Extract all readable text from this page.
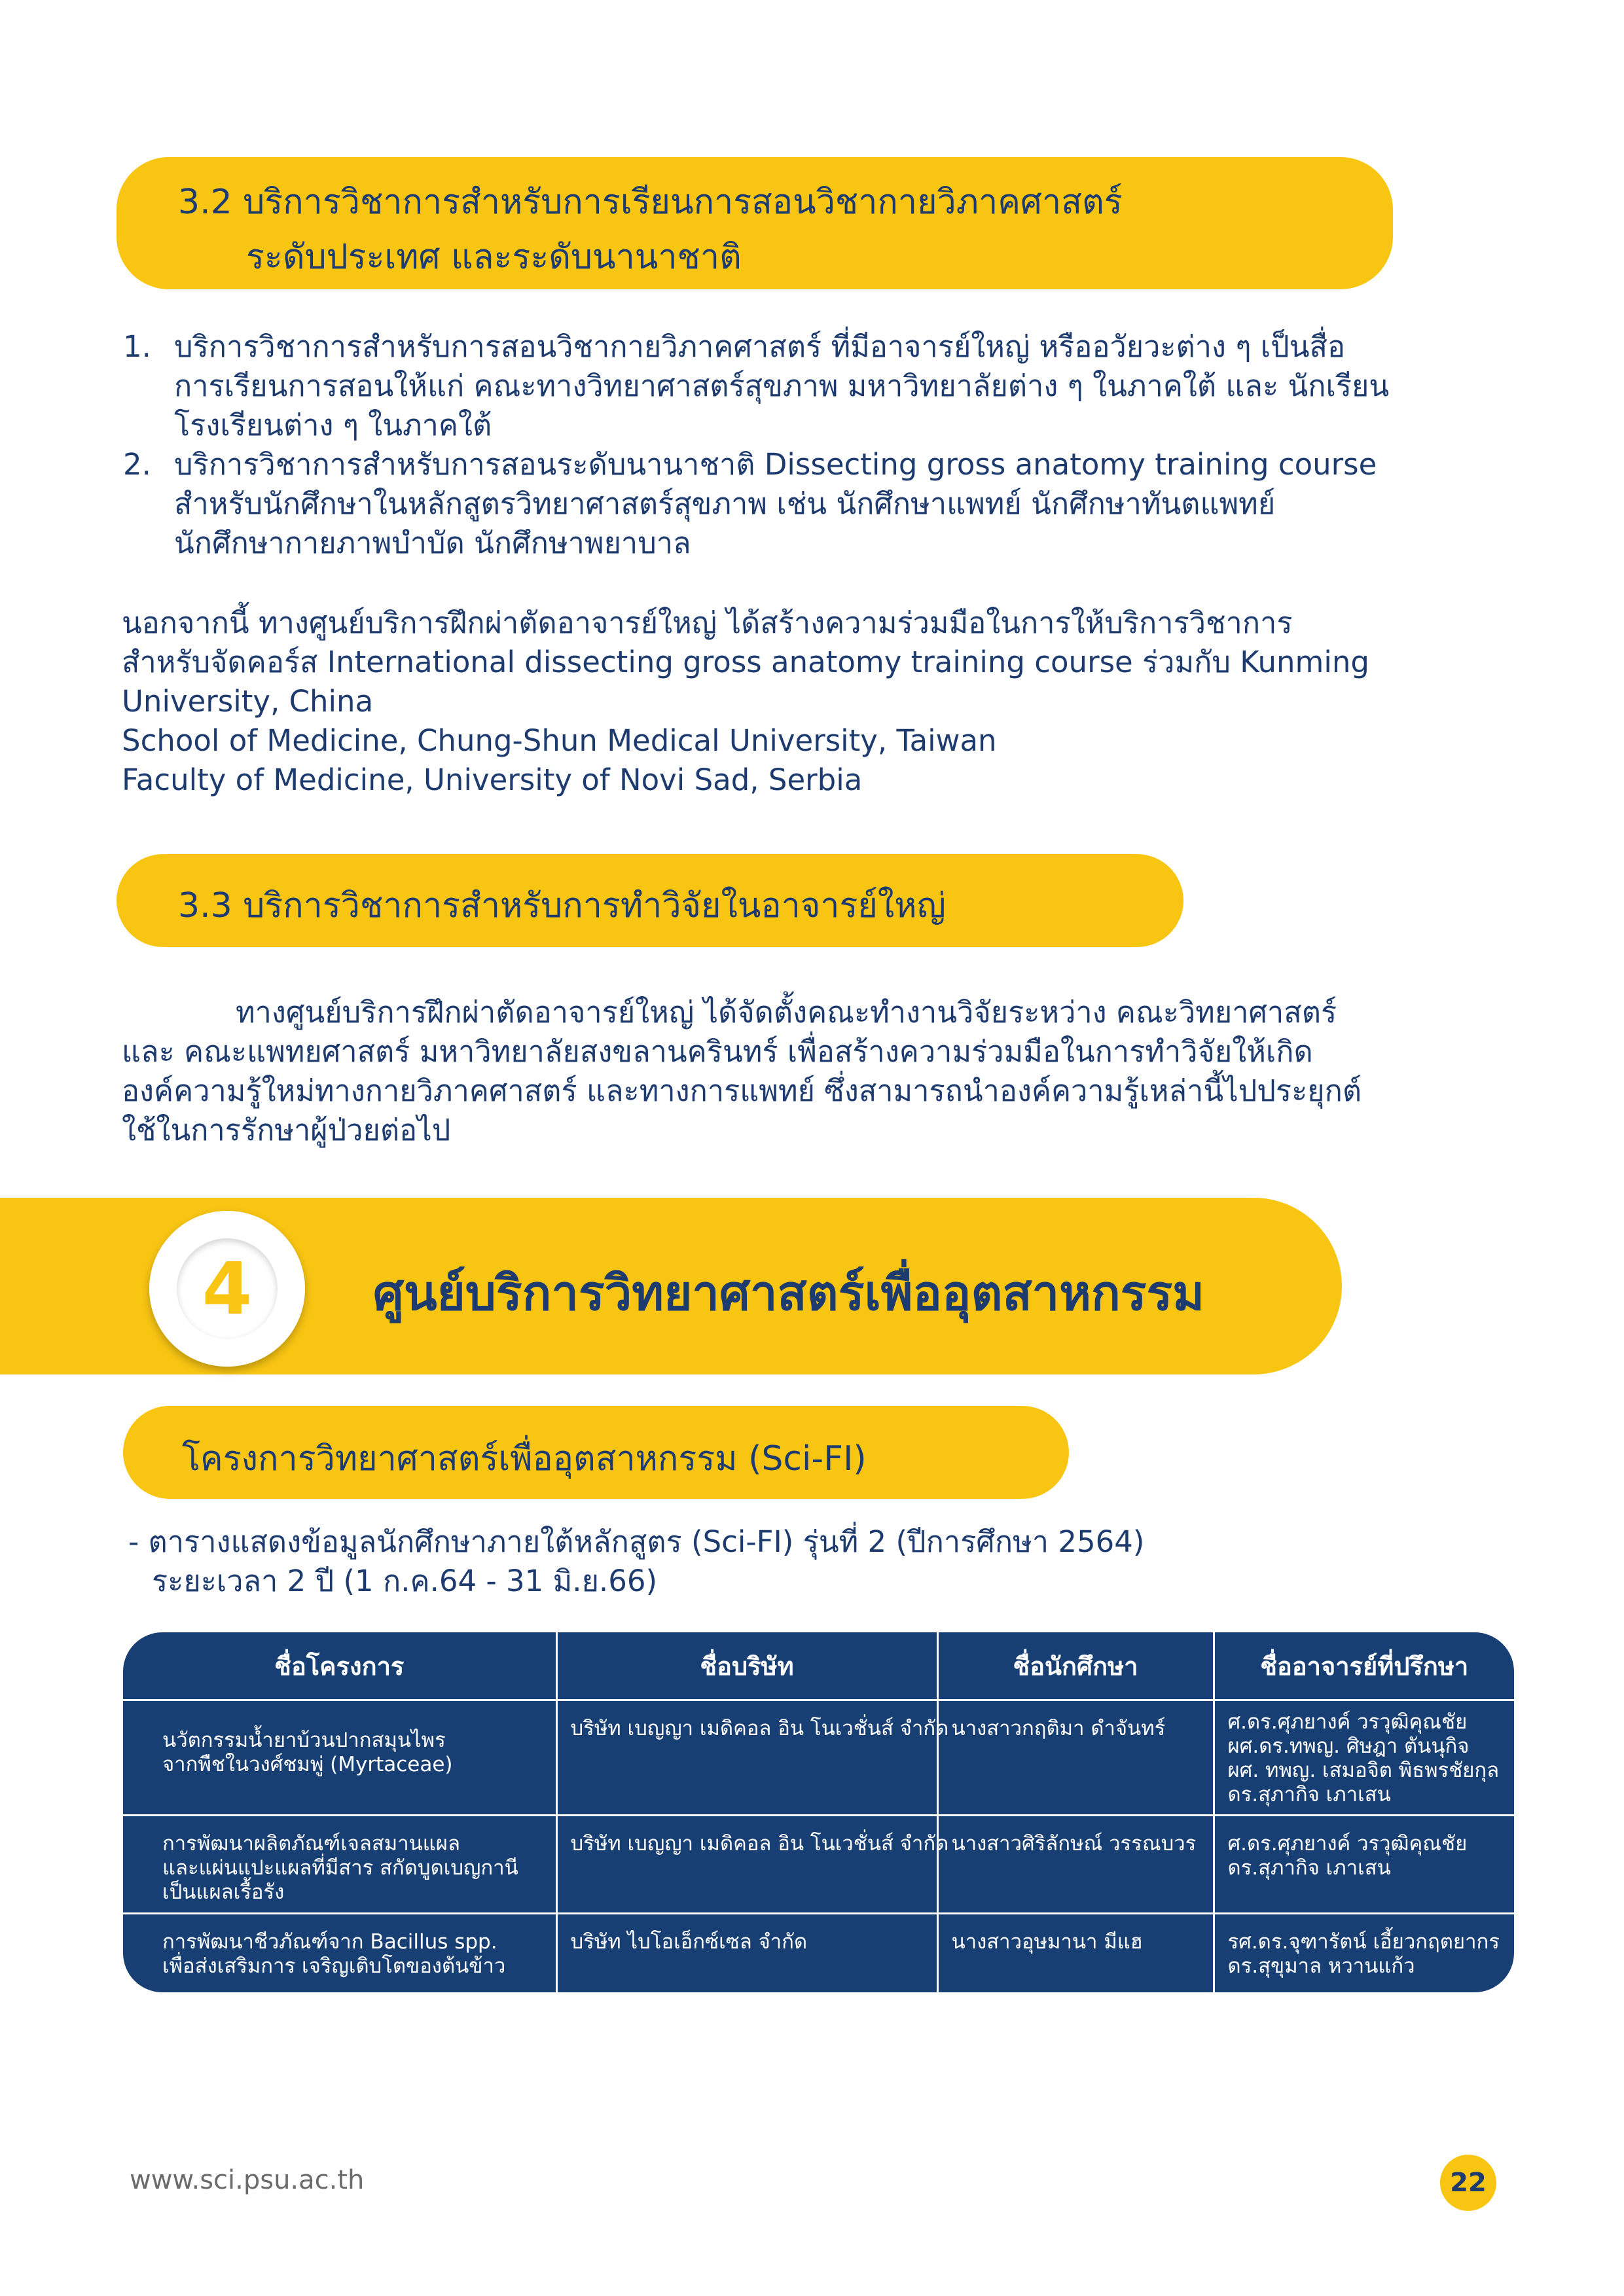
3.2 บริการวิชาการสำหรับการเรียนการสอนวิชากายวิภาคศาสตร์
ระดับประเทศ และระดับนานาชาติ
1. บริการวิชาการสำหรับการสอนวิชากายวิภาคศาสตร์ ที่มีอาจารย์ใหญ่ หรืออวัยวะต่าง ๆ เป็นสื่อ
การเรียนการสอนให้แก่ คณะทางวิทยาศาสตร์สุขภาพ มหาวิทยาลัยต่าง ๆ ในภาคใต้ และ นักเรียน
โรงเรียนต่าง ๆ ในภาคใต้
2. บริการวิชาการสำหรับการสอนระดับนานาชาติ Dissecting gross anatomy training course
สำหรับนักศึกษาในหลักสูตรวิทยาศาสตร์สุขภาพ เช่น นักศึกษาแพทย์ นักศึกษาทันตแพทย์
นักศึกษากายภาพบำบัด นักศึกษาพยาบาล

นอกจากนี้ ทางศูนย์บริการฝึกผ่าตัดอาจารย์ใหญ่ ได้สร้างความร่วมมือในการให้บริการวิชาการ

สำหรับจัดคอร์ส International dissecting gross anatomy training course ร่วมกับ Kunming

University, China

School of Medicine, Chung-Shun Medical University, Taiwan

Faculty of Medicine, University of Novi Sad, Serbia

3.3 บริการวิชาการสำหรับการทำวิจัยในอาจารย์ใหญ่

ทางศูนย์บริการฝึกผ่าตัดอาจารย์ใหญ่ ได้จัดตั้งคณะทำงานวิจัยระหว่าง คณะวิทยาศาสตร์

และ คณะแพทยศาสตร์ มหาวิทยาลัยสงขลานครินทร์ เพื่อสร้างความร่วมมือในการทำวิจัยให้เกิด

องค์ความรู้ใหม่ทางกายวิภาคศาสตร์ และทางการแพทย์ ซึ่งสามารถนำองค์ความรู้เหล่านี้ไปประยุกต์

ใช้ในการรักษาผู้ป่วยต่อไป

4	ศูนย์บริการวิทยาศาสตร์เพื่ออุตสาหกรรม
โครงการวิทยาศาสตร์เพื่ออุตสาหกรรม (Sci-FI)

- ตารางแสดงข้อมูลนักศึกษาภายใต้หลักสูตร (Sci-FI) รุ่นที่ 2 (ปีการศึกษา 2564)

ระยะเวลา 2 ปี (1 ก.ค.64 - 31 มิ.ย.66)

ชื่อโครงการ	ชื่อบริษัท	ชื่อนักศึกษา	ชื่ออาจารย์ที่ปรึกษา

นวัตกรรมน้ำยาบ้วนปากสมุนไพร
จากพืชในวงศ์ชมพู่ (Myrtaceae)	บริษัท เบญญา เมดิคอล อิน โนเวชั่นส์ จำกัด	นางสาวกฤติมา ดำจันทร์	ศ.ดร.ศุภยางค์ วรวุฒิคุณชัย
ผศ.ดร.ทพญ. ศิษฎา ตันนุกิจ
ผศ. ทพญ. เสมอจิต พิธพรชัยกุล
ดร.สุภากิจ เภาเสน

การพัฒนาผลิตภัณฑ์เจลสมานแผล
และแผ่นแปะแผลที่มีสาร สกัดบูดเบญกานี
เป็นแผลเรื้อรัง	บริษัท เบญญา เมดิคอล อิน โนเวชั่นส์ จำกัด	นางสาวศิริลักษณ์ วรรณบวร	ศ.ดร.ศุภยางค์ วรวุฒิคุณชัย
ดร.สุภากิจ เภาเสน

การพัฒนาชีวภัณฑ์จาก Bacillus spp.
เพื่อส่งเสริมการ เจริญเติบโตของต้นข้าว	บริษัท ไบโอเอ็กซ์เซล จำกัด	นางสาวอุษมานา มีแฮ	รศ.ดร.จุฑารัตน์ เอี้ยวกฤตยากร
ดร.สุขุมาล หวานแก้ว
www.sci.psu.ac.th	22
